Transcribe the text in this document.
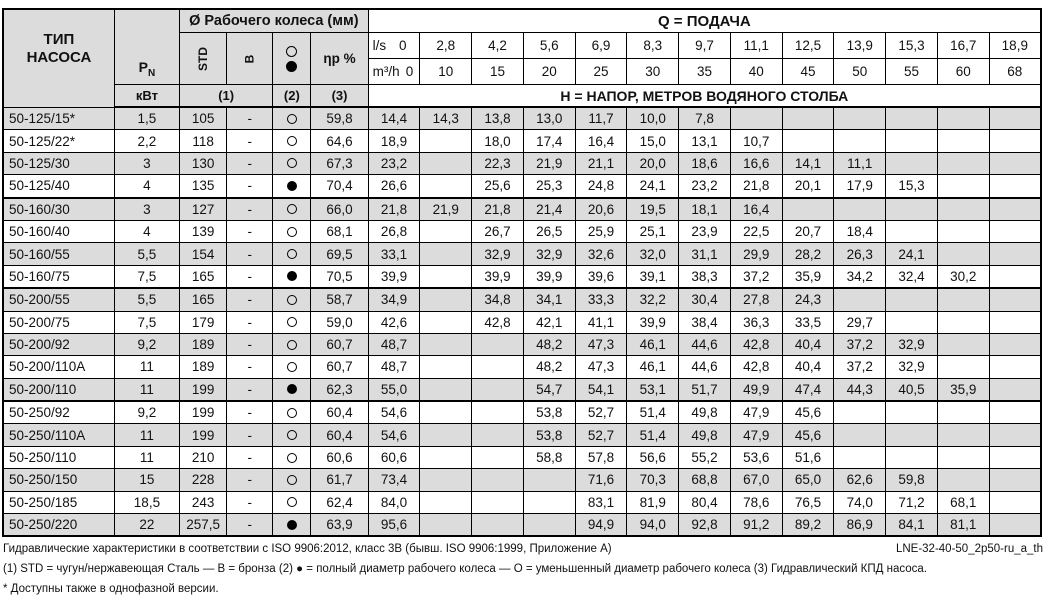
ТИП
НАСОСА	$P_N$	Ø Рабочего колеса (мм)				Q = ПОДАЧА												

		STD	В		ηp %	l/s 0	2,8	4,2	5,6	6,9	8,3	9,7	11,1	12,5	13,9	15,3	16,7	18,9

						m³/h 0	10	15	20	25	30	35	40	45	50	55	60	68
	кВт	(1)		(2)	(3)	Н = НАПОР, МЕТРОВ ВОДЯНОГО СТОЛБА												
50-125/15*	1,5	105	-		59,8	14,4	14,3	13,8	13,0	11,7	10,0	7,8						
50-125/22*	2,2	118	-		64,6	18,9		18,0	17,4	16,4	15,0	13,1	10,7					
50-125/30	3	130	-		67,3	23,2		22,3	21,9	21,1	20,0	18,6	16,6	14,1	11,1			
50-125/40	4	135	-		70,4	26,6		25,6	25,3	24,8	24,1	23,2	21,8	20,1	17,9	15,3		
50-160/30	3	127	-		66,0	21,8	21,9	21,8	21,4	20,6	19,5	18,1	16,4					
50-160/40	4	139	-		68,1	26,8		26,7	26,5	25,9	25,1	23,9	22,5	20,7	18,4			
50-160/55	5,5	154	-		69,5	33,1		32,9	32,9	32,6	32,0	31,1	29,9	28,2	26,3	24,1		
50-160/75	7,5	165	-		70,5	39,9		39,9	39,9	39,6	39,1	38,3	37,2	35,9	34,2	32,4	30,2	
50-200/55	5,5	165	-		58,7	34,9		34,8	34,1	33,3	32,2	30,4	27,8	24,3				
50-200/75	7,5	179	-		59,0	42,6		42,8	42,1	41,1	39,9	38,4	36,3	33,5	29,7			
50-200/92	9,2	189	-		60,7	48,7			48,2	47,3	46,1	44,6	42,8	40,4	37,2	32,9		
50-200/110A	11	189	-		60,7	48,7			48,2	47,3	46,1	44,6	42,8	40,4	37,2	32,9		
50-200/110	11	199	-		62,3	55,0			54,7	54,1	53,1	51,7	49,9	47,4	44,3	40,5	35,9	
50-250/92	9,2	199	-		60,4	54,6			53,8	52,7	51,4	49,8	47,9	45,6				
50-250/110A	11	199	-		60,4	54,6			53,8	52,7	51,4	49,8	47,9	45,6				
50-250/110	11	210	-		60,6	60,6			58,8	57,8	56,6	55,2	53,6	51,6				
50-250/150	15	228	-		61,7	73,4				71,6	70,3	68,8	67,0	65,0	62,6	59,8		
50-250/185	18,5	243	-		62,4	84,0				83,1	81,9	80,4	78,6	76,5	74,0	71,2	68,1	
50-250/220	22	257,5	-		63,9	95,6				94,9	94,0	92,8	91,2	89,2	86,9	84,1	81,1	
Гидравлические характеристики в соответствии с ISO 9906:2012, класс 3B (бывш. ISO 9906:1999, Приложение A)	LNE-32-40-50_2p50-ru_a_th
(1) STD = чугун/нержавеющая Сталь — В = бронза (2) ● = полный диаметр рабочего колеса — О = уменьшенный диаметр рабочего колеса (3) Гидравлический КПД насоса.
* Доступны также в однофазной версии.
